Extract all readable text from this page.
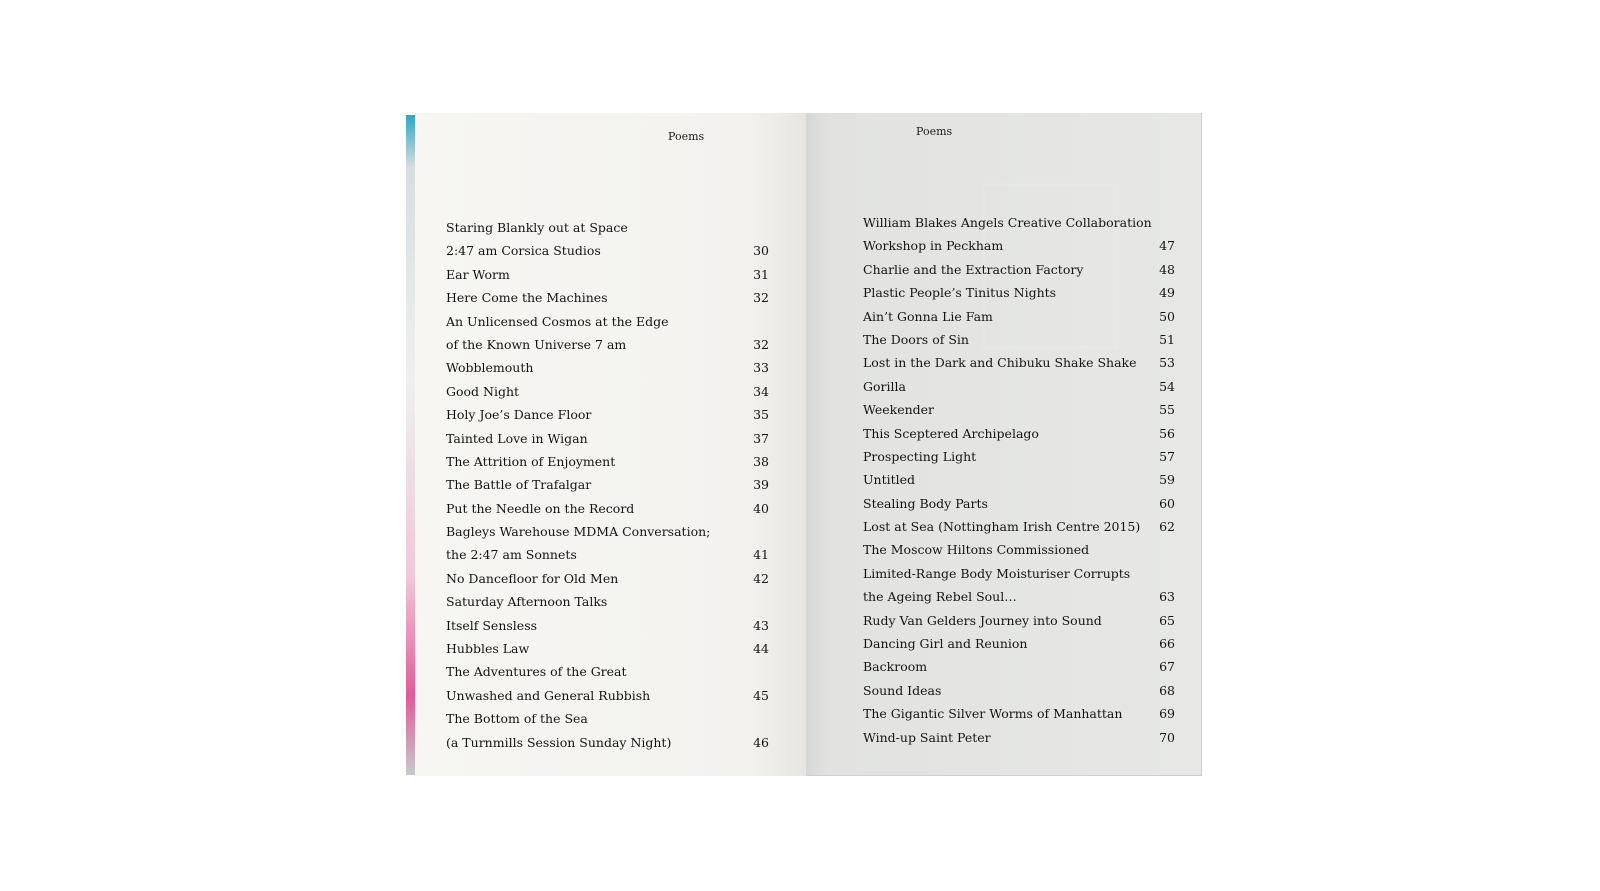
Poems
Staring Blankly out at Space
2:47 am Corsica Studios	30
Ear Worm	31
Here Come the Machines	32
An Unlicensed Cosmos at the Edge
of the Known Universe 7 am	32
Wobblemouth	33
Good Night	34
Holy Joe’s Dance Floor	35
Tainted Love in Wigan	37
The Attrition of Enjoyment	38
The Battle of Trafalgar	39
Put the Needle on the Record	40
Bagleys Warehouse MDMA Conversation;
the 2:47 am Sonnets	41
No Dancefloor for Old Men	42
Saturday Afternoon Talks
Itself Sensless	43
Hubbles Law	44
The Adventures of the Great
Unwashed and General Rubbish	45
The Bottom of the Sea
(a Turnmills Session Sunday Night)	46
Poems
William Blakes Angels Creative Collaboration
Workshop in Peckham	47
Charlie and the Extraction Factory	48
Plastic People’s Tinitus Nights	49
Ain’t Gonna Lie Fam	50
The Doors of Sin	51
Lost in the Dark and Chibuku Shake Shake 53
Gorilla	54
Weekender	55
This Sceptered Archipelago	56
Prospecting Light	57
Untitled	59
Stealing Body Parts	60
Lost at Sea (Nottingham Irish Centre 2015) 62
The Moscow Hiltons Commissioned
Limited-Range Body Moisturiser Corrupts
the Ageing Rebel Soul…	63
Rudy Van Gelders Journey into Sound	65
Dancing Girl and Reunion	66
Backroom	67
Sound Ideas	68
The Gigantic Silver Worms of Manhattan	69
Wind-up Saint Peter	70
